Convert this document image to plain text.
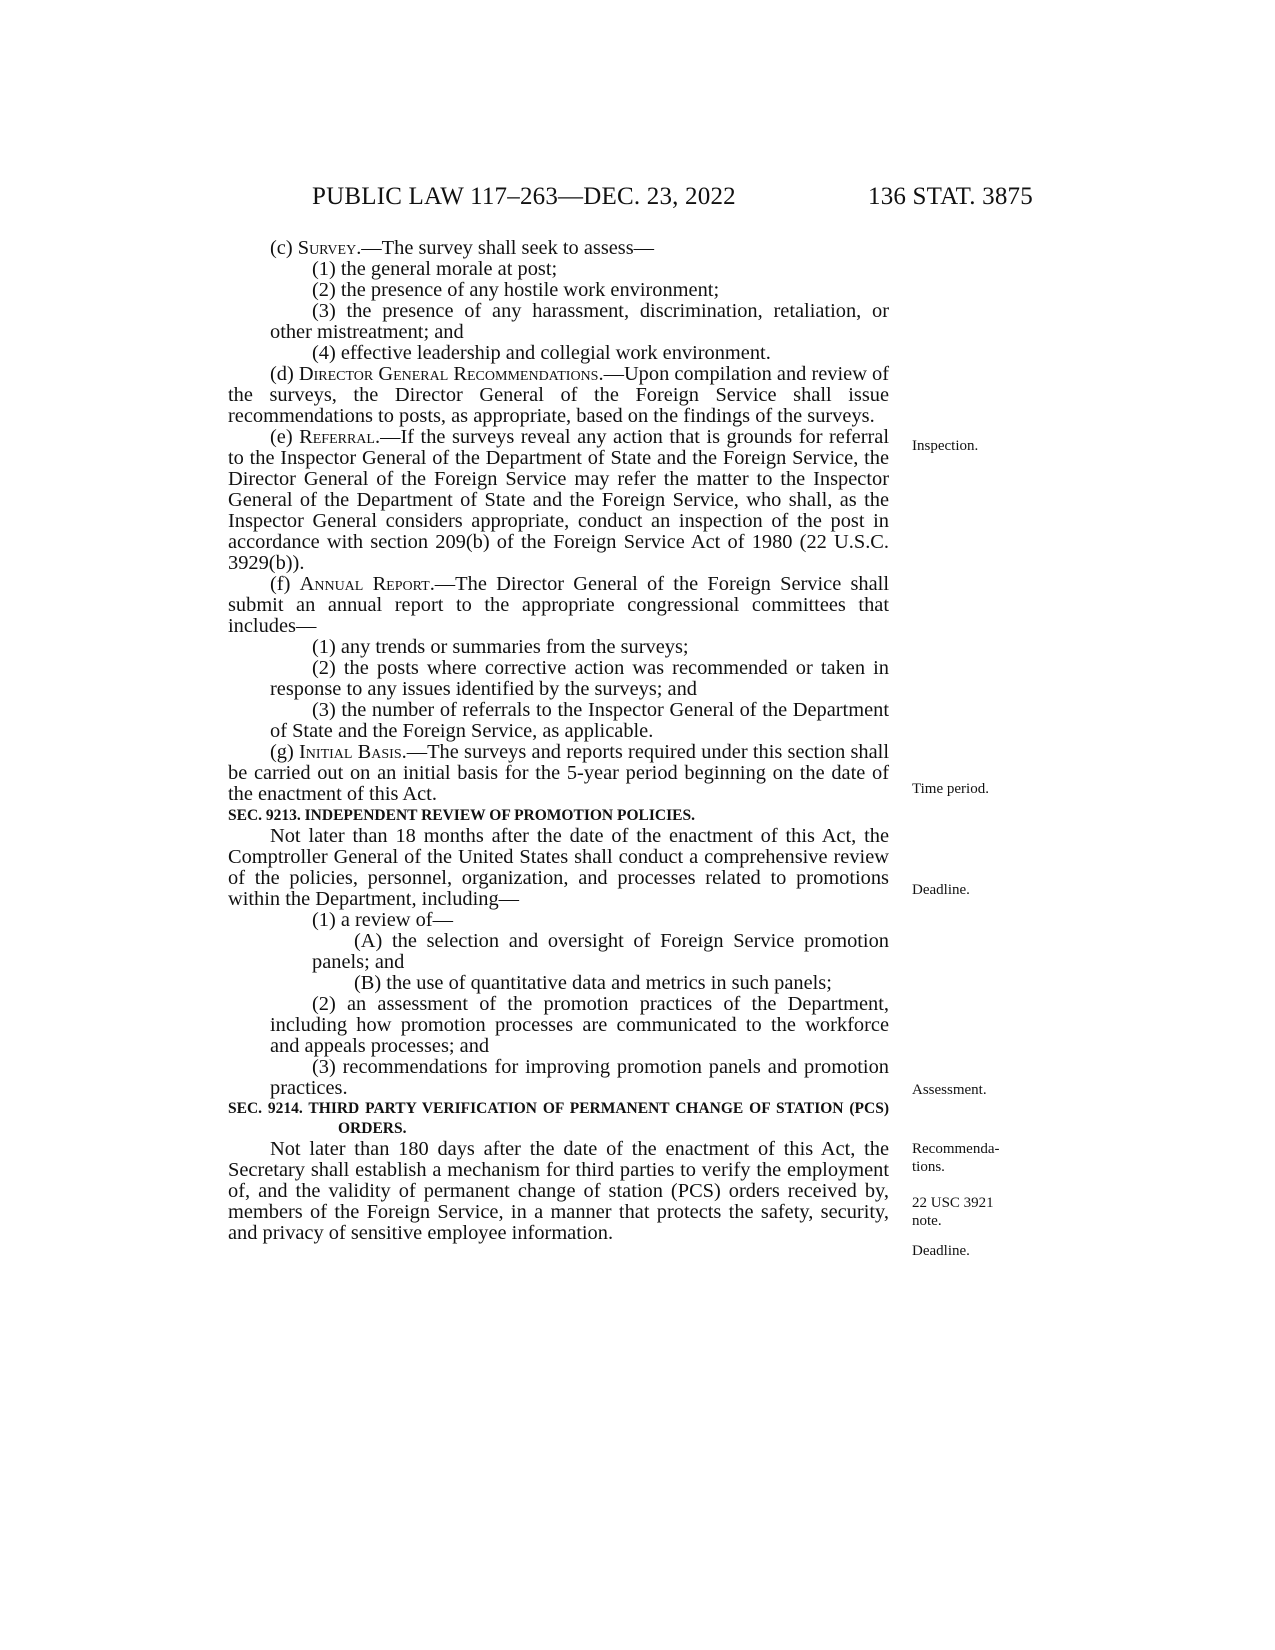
PUBLIC LAW 117–263—DEC. 23, 2022	136 STAT. 3875

(c) Survey.—The survey shall seek to assess—

(1) the general morale at post;

(2) the presence of any hostile work environment;

(3) the presence of any harassment, discrimination, retaliation, or other mistreatment; and

(4) effective leadership and collegial work environment.

(d) Director General Recommendations.—Upon compilation and review of the surveys, the Director General of the Foreign Service shall issue recommendations to posts, as appropriate, based on the findings of the surveys.

(e) Referral.—If the surveys reveal any action that is grounds for referral to the Inspector General of the Department of State and the Foreign Service, the Director General of the Foreign Service may refer the matter to the Inspector General of the Department of State and the Foreign Service, who shall, as the Inspector General considers appropriate, conduct an inspection of the post in accordance with section 209(b) of the Foreign Service Act of 1980 (22 U.S.C. 3929(b)).

(f) Annual Report.—The Director General of the Foreign Service shall submit an annual report to the appropriate congressional committees that includes—

(1) any trends or summaries from the surveys;

(2) the posts where corrective action was recommended or taken in response to any issues identified by the surveys; and

(3) the number of referrals to the Inspector General of the Department of State and the Foreign Service, as applicable.

(g) Initial Basis.—The surveys and reports required under this section shall be carried out on an initial basis for the 5-year period beginning on the date of the enactment of this Act.

SEC. 9213. INDEPENDENT REVIEW OF PROMOTION POLICIES.

Not later than 18 months after the date of the enactment of this Act, the Comptroller General of the United States shall conduct a comprehensive review of the policies, personnel, organization, and processes related to promotions within the Department, including—

(1) a review of—

(A) the selection and oversight of Foreign Service promotion panels; and

(B) the use of quantitative data and metrics in such panels;

(2) an assessment of the promotion practices of the Department, including how promotion processes are communicated to the workforce and appeals processes; and

(3) recommendations for improving promotion panels and promotion practices.

SEC. 9214. THIRD PARTY VERIFICATION OF PERMANENT CHANGE OF STATION (PCS) ORDERS.

Not later than 180 days after the date of the enactment of this Act, the Secretary shall establish a mechanism for third parties to verify the employment of, and the validity of permanent change of station (PCS) orders received by, members of the Foreign Service, in a manner that protects the safety, security, and privacy of sensitive employee information.

Inspection.
Time period.
Deadline.
Assessment.
Recommenda-
tions.
22 USC 3921
note.
Deadline.
